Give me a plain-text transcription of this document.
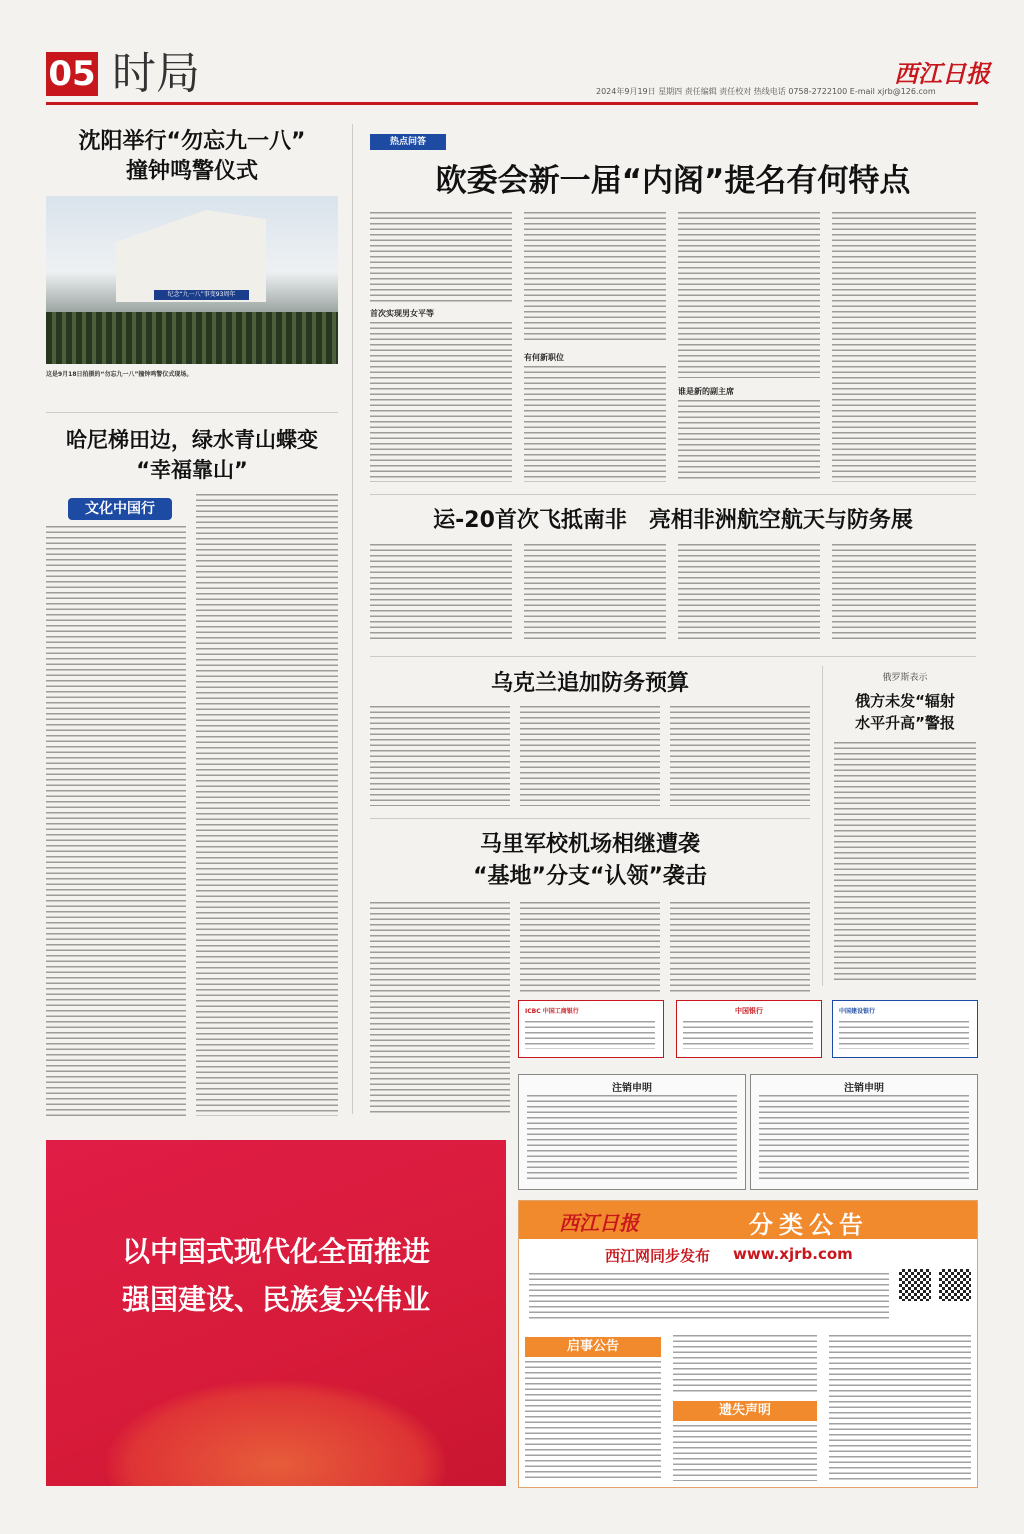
05 时局	西江日报
2024年9月19日 星期四 责任编辑 责任校对 热线电话 0758-2722100 E-mail xjrb@126.com
沈阳举行“勿忘九一八”
撞钟鸣警仪式
纪念“九一八”事变93周年
这是9月18日拍摄的“勿忘九一八”撞钟鸣警仪式现场。
哈尼梯田边，绿水青山蝶变
“幸福靠山”
文化中国行
热点问答
欧委会新一届“内阁”提名有何特点
首次实现男女平等
有何新职位
谁是新的副主席
运-20首次飞抵南非　亮相非洲航空航天与防务展
乌克兰追加防务预算	俄罗斯表示
俄方未发“辐射
水平升高”警报
马里军校机场相继遭袭
“基地”分支“认领”袭击
ICBC 中国工商银行	中国银行	中国建设银行
注销申明	注销申明
以中国式现代化全面推进
强国建设、民族复兴伟业
西江日报	分类公告
西江网同步发布 www.xjrb.com
启事公告
遗失声明
